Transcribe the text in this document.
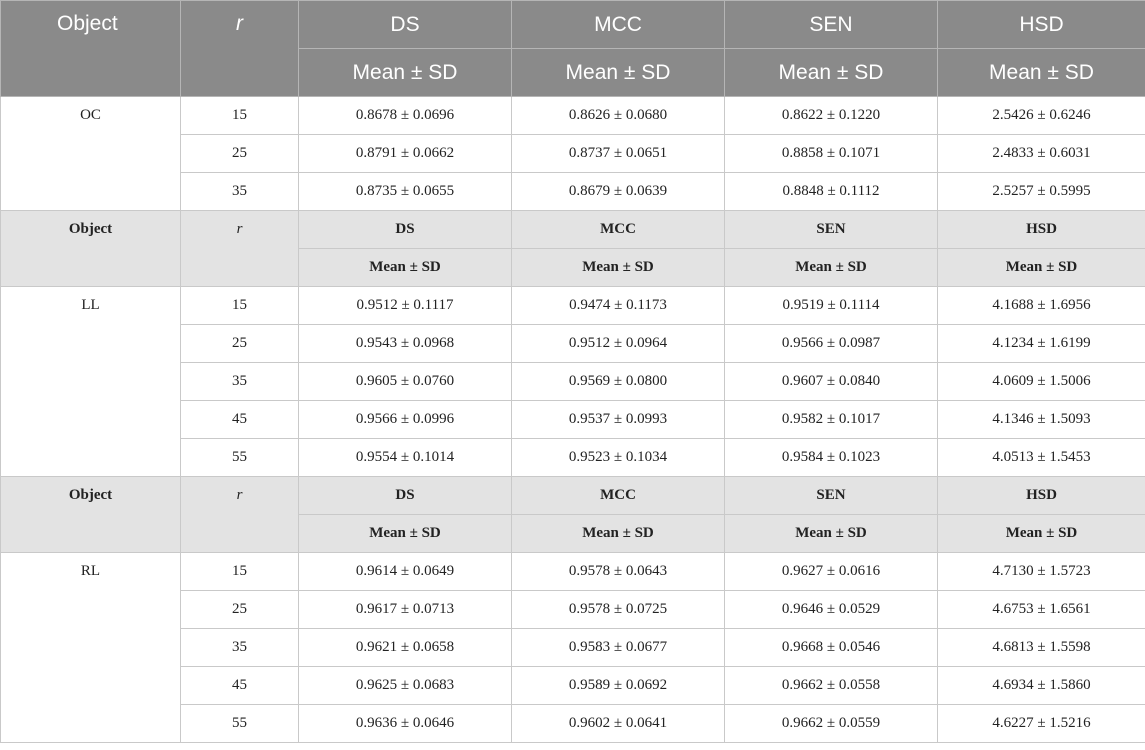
Object	r	DS	MCC	SEN	HSD
		Mean ± SD	Mean ± SD	Mean ± SD	Mean ± SD
OC	15	0.8678 ± 0.0696	0.8626 ± 0.0680	0.8622 ± 0.1220	2.5426 ± 0.6246
	25	0.8791 ± 0.0662	0.8737 ± 0.0651	0.8858 ± 0.1071	2.4833 ± 0.6031
	35	0.8735 ± 0.0655	0.8679 ± 0.0639	0.8848 ± 0.1112	2.5257 ± 0.5995
Object	r	DS	MCC	SEN	HSD
		Mean ± SD	Mean ± SD	Mean ± SD	Mean ± SD
LL	15	0.9512 ± 0.1117	0.9474 ± 0.1173	0.9519 ± 0.1114	4.1688 ± 1.6956
	25	0.9543 ± 0.0968	0.9512 ± 0.0964	0.9566 ± 0.0987	4.1234 ± 1.6199
	35	0.9605 ± 0.0760	0.9569 ± 0.0800	0.9607 ± 0.0840	4.0609 ± 1.5006
	45	0.9566 ± 0.0996	0.9537 ± 0.0993	0.9582 ± 0.1017	4.1346 ± 1.5093
	55	0.9554 ± 0.1014	0.9523 ± 0.1034	0.9584 ± 0.1023	4.0513 ± 1.5453
Object	r	DS	MCC	SEN	HSD
		Mean ± SD	Mean ± SD	Mean ± SD	Mean ± SD
RL	15	0.9614 ± 0.0649	0.9578 ± 0.0643	0.9627 ± 0.0616	4.7130 ± 1.5723
	25	0.9617 ± 0.0713	0.9578 ± 0.0725	0.9646 ± 0.0529	4.6753 ± 1.6561
	35	0.9621 ± 0.0658	0.9583 ± 0.0677	0.9668 ± 0.0546	4.6813 ± 1.5598
	45	0.9625 ± 0.0683	0.9589 ± 0.0692	0.9662 ± 0.0558	4.6934 ± 1.5860
	55	0.9636 ± 0.0646	0.9602 ± 0.0641	0.9662 ± 0.0559	4.6227 ± 1.5216
